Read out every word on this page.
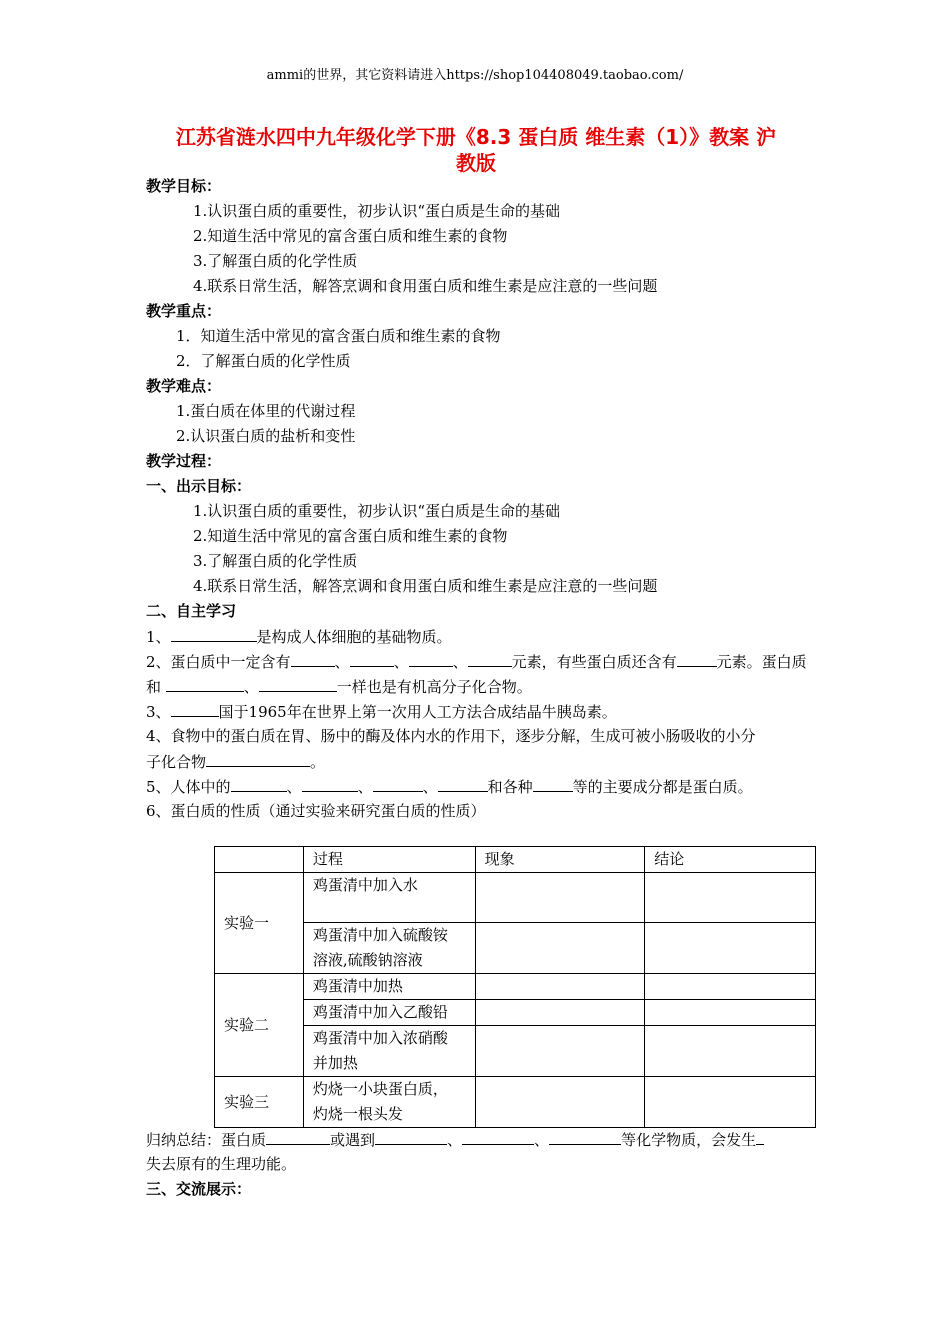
ammi的世界，其它资料请进入https://shop104408049.taobao.com/
江苏省涟水四中九年级化学下册《8.3 蛋白质 维生素（1）》教案 沪
教版
教学目标：
1.认识蛋白质的重要性，初步认识“蛋白质是生命的基础
2.知道生活中常见的富含蛋白质和维生素的食物
3.了解蛋白质的化学性质
4.联系日常生活，解答烹调和食用蛋白质和维生素是应注意的一些问题
教学重点：
1．知道生活中常见的富含蛋白质和维生素的食物
2．了解蛋白质的化学性质
教学难点：
1.蛋白质在体里的代谢过程
2.认识蛋白质的盐析和变性
教学过程：
一、出示目标：
1.认识蛋白质的重要性，初步认识“蛋白质是生命的基础
2.知道生活中常见的富含蛋白质和维生素的食物
3.了解蛋白质的化学性质
4.联系日常生活，解答烹调和食用蛋白质和维生素是应注意的一些问题
二、自主学习
1、	是构成人体细胞的基础物质。
2、蛋白质中一定含有	、	、	、	元素，有些蛋白质还含有	元素。蛋白质
和	、	一样也是有机高分子化合物。
3、	国于1965年在世界上第一次用人工方法合成结晶牛胰岛素。
4、食物中的蛋白质在胃、肠中的酶及体内水的作用下，逐步分解，生成可被小肠吸收的小分
子化合物	。
5、人体中的	、	、	、	和各种	等的主要成分都是蛋白质。
6、蛋白质的性质（通过实验来研究蛋白质的性质）
	过程	现象	结论
实验一	鸡蛋清中加入水		

	鸡蛋清中加入硫酸铵
溶液,硫酸钠溶液		

实验二	鸡蛋清中加热		
	鸡蛋清中加入乙酸铅		

	鸡蛋清中加入浓硝酸
并加热		

实验三	灼烧一小块蛋白质，
灼烧一根头发		

归纳总结：蛋白质	或遇到	、	、	等化学物质，会发生
失去原有的生理功能。
三、交流展示：
